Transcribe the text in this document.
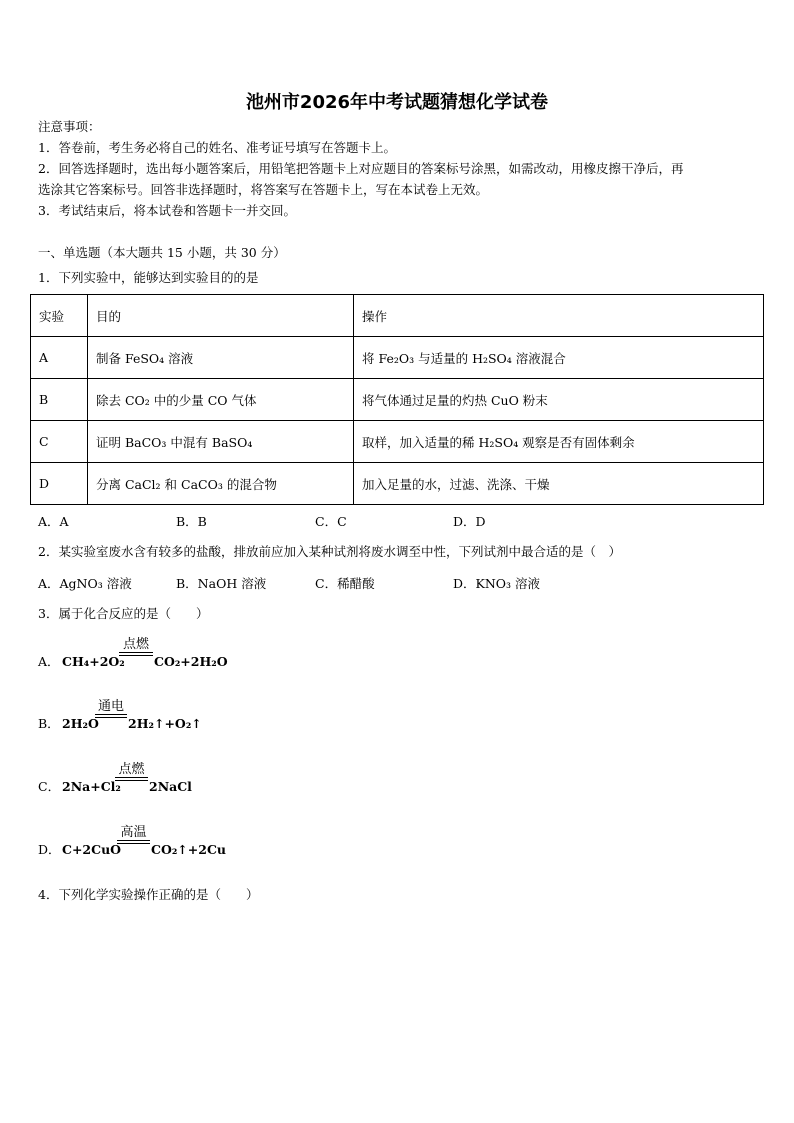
池州市2026年中考试题猜想化学试卷
注意事项：
1．答卷前，考生务必将自己的姓名、准考证号填写在答题卡上。
2．回答选择题时，选出每小题答案后，用铅笔把答题卡上对应题目的答案标号涂黑，如需改动，用橡皮擦干净后，再
选涂其它答案标号。回答非选择题时，将答案写在答题卡上，写在本试卷上无效。
3．考试结束后，将本试卷和答题卡一并交回。
一、单选题（本大题共 15 小题，共 30 分）
1．下列实验中，能够达到实验目的的是
实验	目的	操作
A	制备 FeSO₄ 溶液	将 Fe₂O₃ 与适量的 H₂SO₄ 溶液混合
B	除去 CO₂ 中的少量 CO 气体	将气体通过足量的灼热 CuO 粉末
C	证明 BaCO₃ 中混有 BaSO₄	取样，加入适量的稀 H₂SO₄ 观察是否有固体剩余
D	分离 CaCl₂ 和 CaCO₃ 的混合物	加入足量的水，过滤、洗涤、干燥
A．A	B．B	C．C	D．D
2．某实验室废水含有较多的盐酸，排放前应加入某种试剂将废水调至中性，下列试剂中最合适的是（　）
A．AgNO₃ 溶液	B．NaOH 溶液	C．稀醋酸	D．KNO₃ 溶液
3．属于化合反应的是（　　）
A． CH₄+2O₂
点燃
CO₂+2H₂O
B． 2H₂O
通电
2H₂↑+O₂↑
C． 2Na+Cl₂
点燃
2NaCl
D． C+2CuO
高温
CO₂↑+2Cu
4．下列化学实验操作正确的是（　　）
